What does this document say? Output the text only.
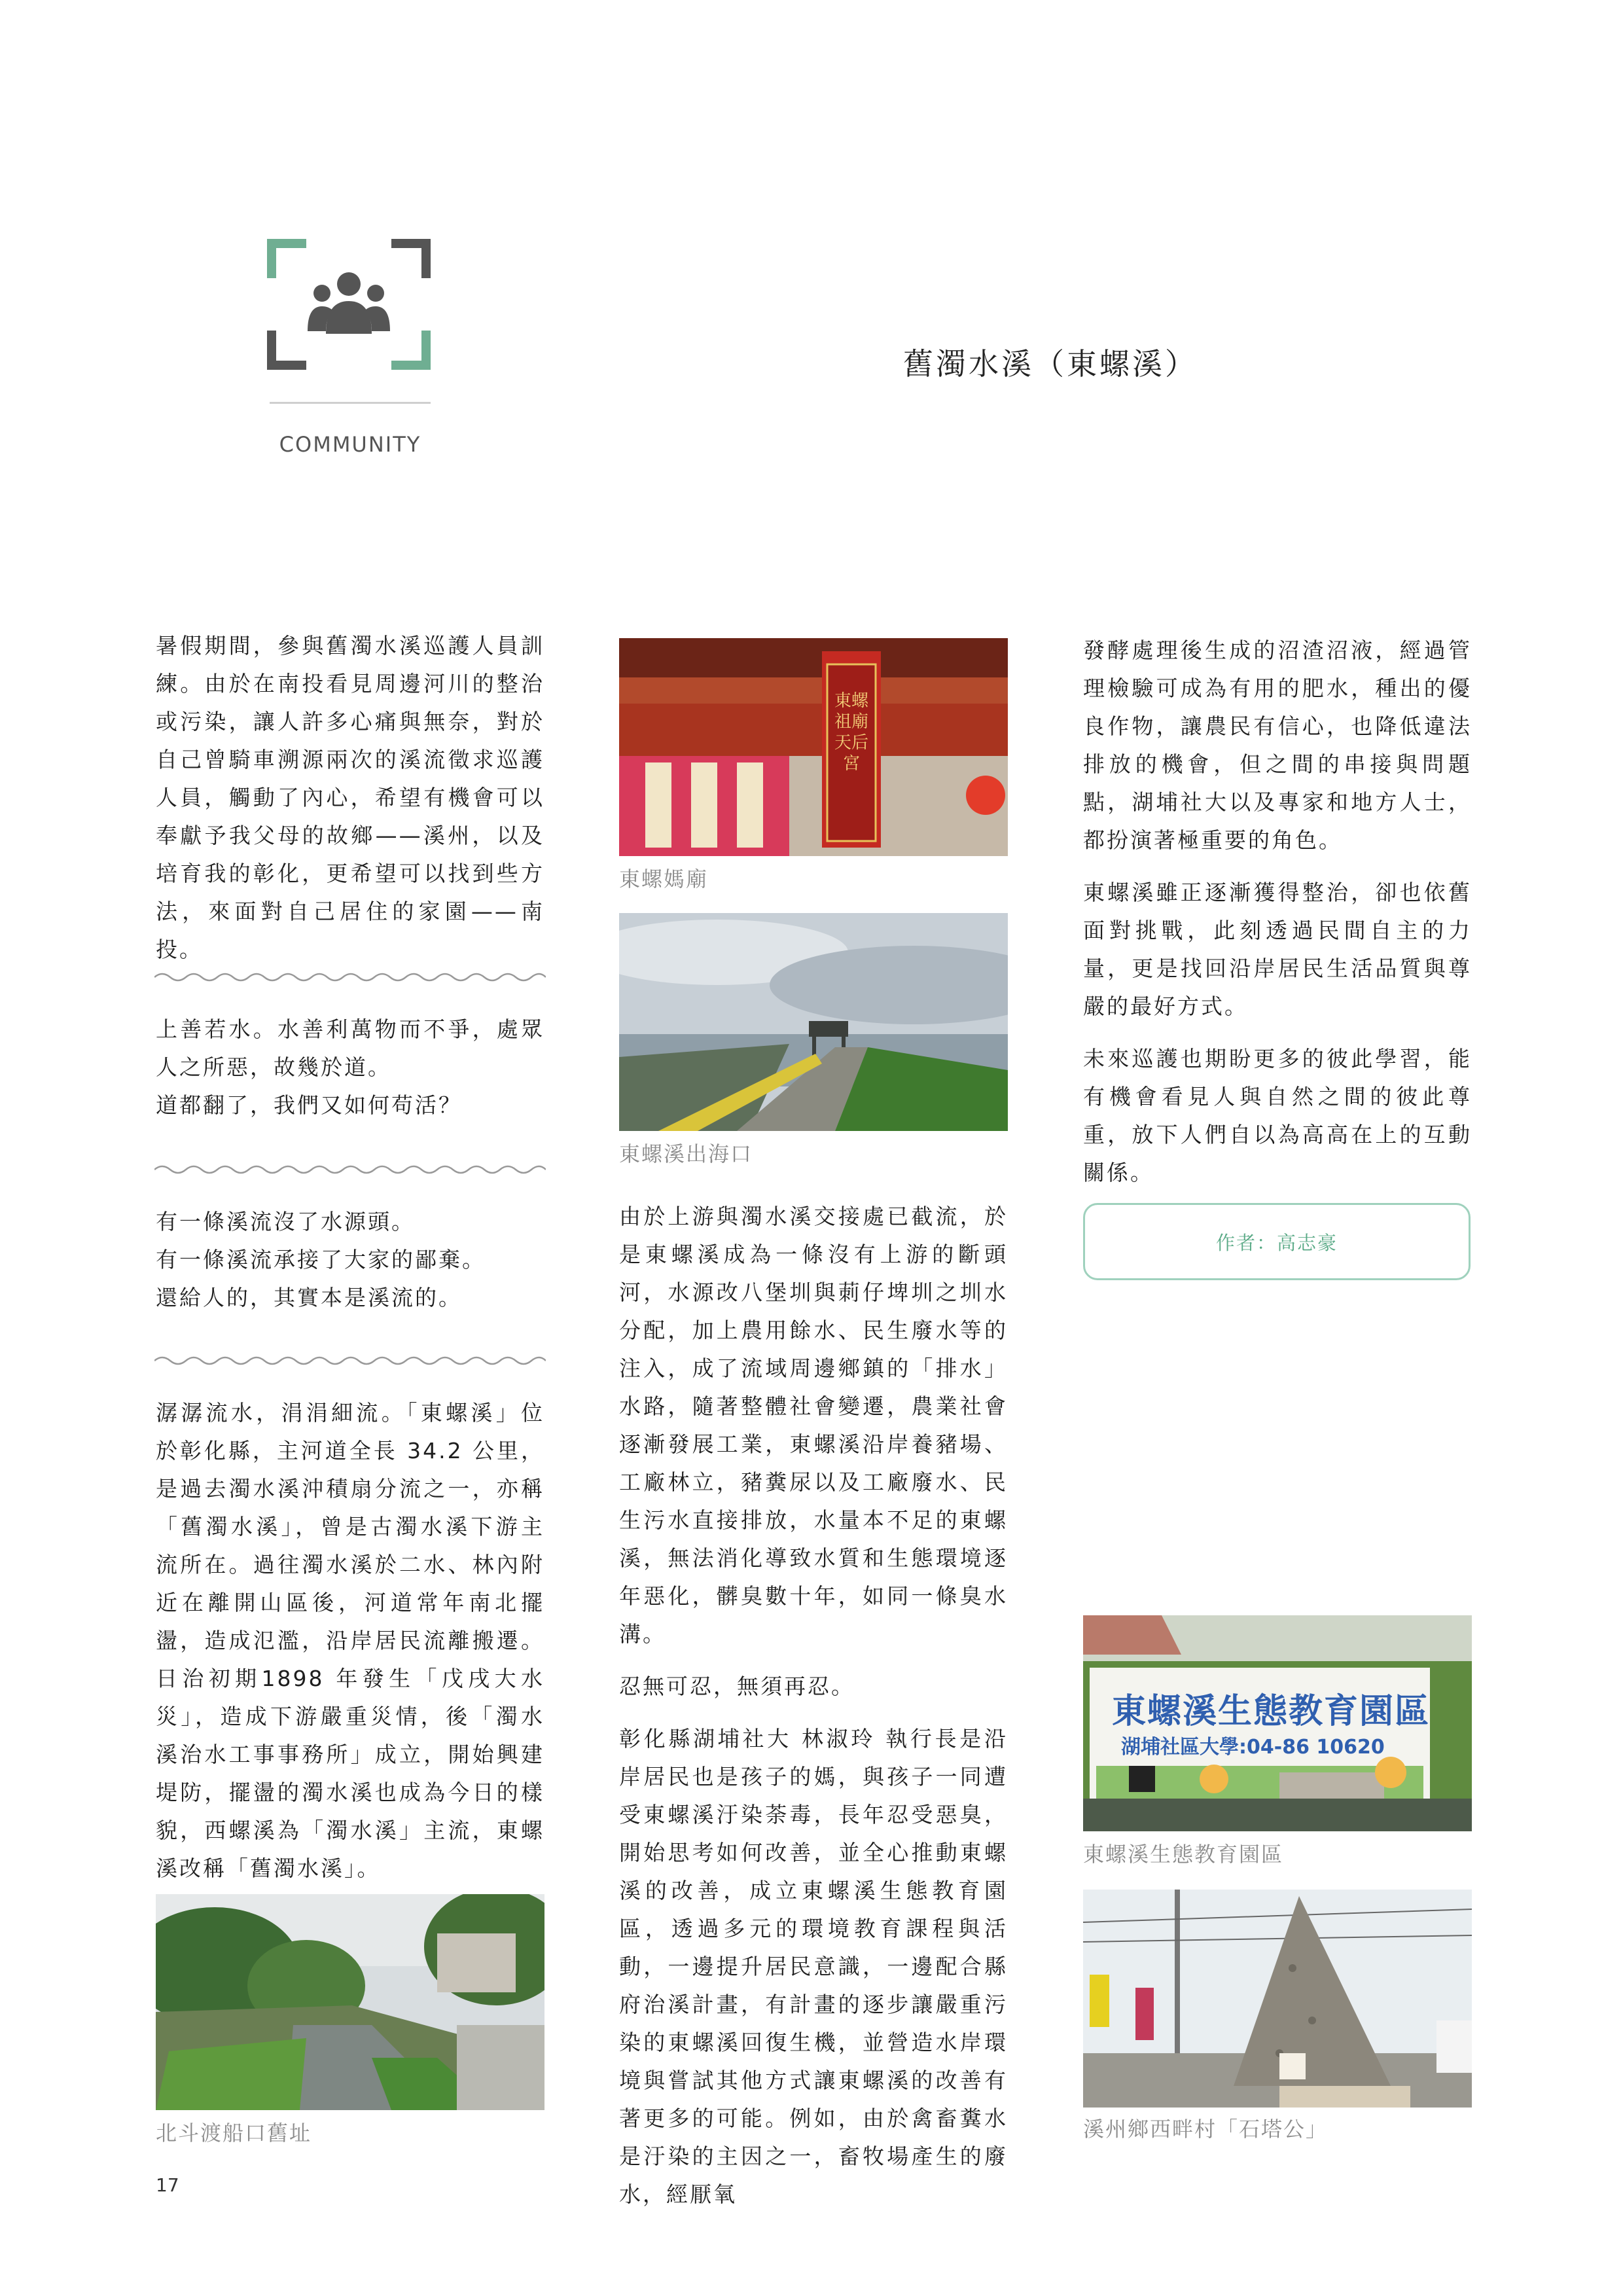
COMMUNITY
舊濁水溪（東螺溪）

暑假期間，參與舊濁水溪巡護人員訓練。由於在南投看見周邊河川的整治或污染，讓人許多心痛與無奈，對於自己曾騎車溯源兩次的溪流徵求巡護人員，觸動了內心，希望有機會可以奉獻予我父母的故鄉——溪州，以及培育我的彰化，更希望可以找到些方法，來面對自己居住的家園——南投。

上善若水。水善利萬物而不爭，處眾人之所惡，故幾於道。

道都翻了，我們又如何苟活？

有一條溪流沒了水源頭。

有一條溪流承接了大家的鄙棄。

還給人的，其實本是溪流的。

潺潺流水，涓涓細流。「東螺溪」位於彰化縣，主河道全長 34.2 公里，是過去濁水溪沖積扇分流之一，亦稱「舊濁水溪」，曾是古濁水溪下游主流所在。過往濁水溪於二水、林內附近在離開山區後，河道常年南北擺盪，造成氾濫，沿岸居民流離搬遷。日治初期1898 年發生「戊戌大水災」，造成下游嚴重災情，後「濁水溪治水工事事務所」成立，開始興建堤防，擺盪的濁水溪也成為今日的樣貌，西螺溪為「濁水溪」主流，東螺溪改稱「舊濁水溪」。

北斗渡船口舊址
東螺祖廟天后宮
東螺媽廟
東螺溪出海口

由於上游與濁水溪交接處已截流，於是東螺溪成為一條沒有上游的斷頭河，水源改八堡圳與莿仔埤圳之圳水分配，加上農用餘水、民生廢水等的注入，成了流域周邊鄉鎮的「排水」水路，隨著整體社會變遷，農業社會逐漸發展工業，東螺溪沿岸養豬場、工廠林立，豬糞尿以及工廠廢水、民生污水直接排放，水量本不足的東螺溪，無法消化導致水質和生態環境逐年惡化，髒臭數十年，如同一條臭水溝。

忍無可忍，無須再忍。

彰化縣湖埔社大 林淑玲 執行長是沿岸居民也是孩子的媽，與孩子一同遭受東螺溪汙染荼毒，長年忍受惡臭，開始思考如何改善，並全心推動東螺溪的改善，成立東螺溪生態教育園區，透過多元的環境教育課程與活動，一邊提升居民意識，一邊配合縣府治溪計畫，有計畫的逐步讓嚴重污染的東螺溪回復生機，並營造水岸環境與嘗試其他方式讓東螺溪的改善有著更多的可能。例如，由於禽畜糞水是汙染的主因之一，畜牧場產生的廢水，經厭氧

發酵處理後生成的沼渣沼液，經過管理檢驗可成為有用的肥水，種出的優良作物，讓農民有信心，也降低違法排放的機會，但之間的串接與問題點，湖埔社大以及專家和地方人士，都扮演著極重要的角色。

東螺溪雖正逐漸獲得整治，卻也依舊面對挑戰，此刻透過民間自主的力量，更是找回沿岸居民生活品質與尊嚴的最好方式。

未來巡護也期盼更多的彼此學習，能有機會看見人與自然之間的彼此尊重，放下人們自以為高高在上的互動關係。

作者：高志豪
東螺溪生態教育園區
湖埔社區大學:04-86 10620
東螺溪生態教育園區
溪州鄉西畔村「石塔公」
17
